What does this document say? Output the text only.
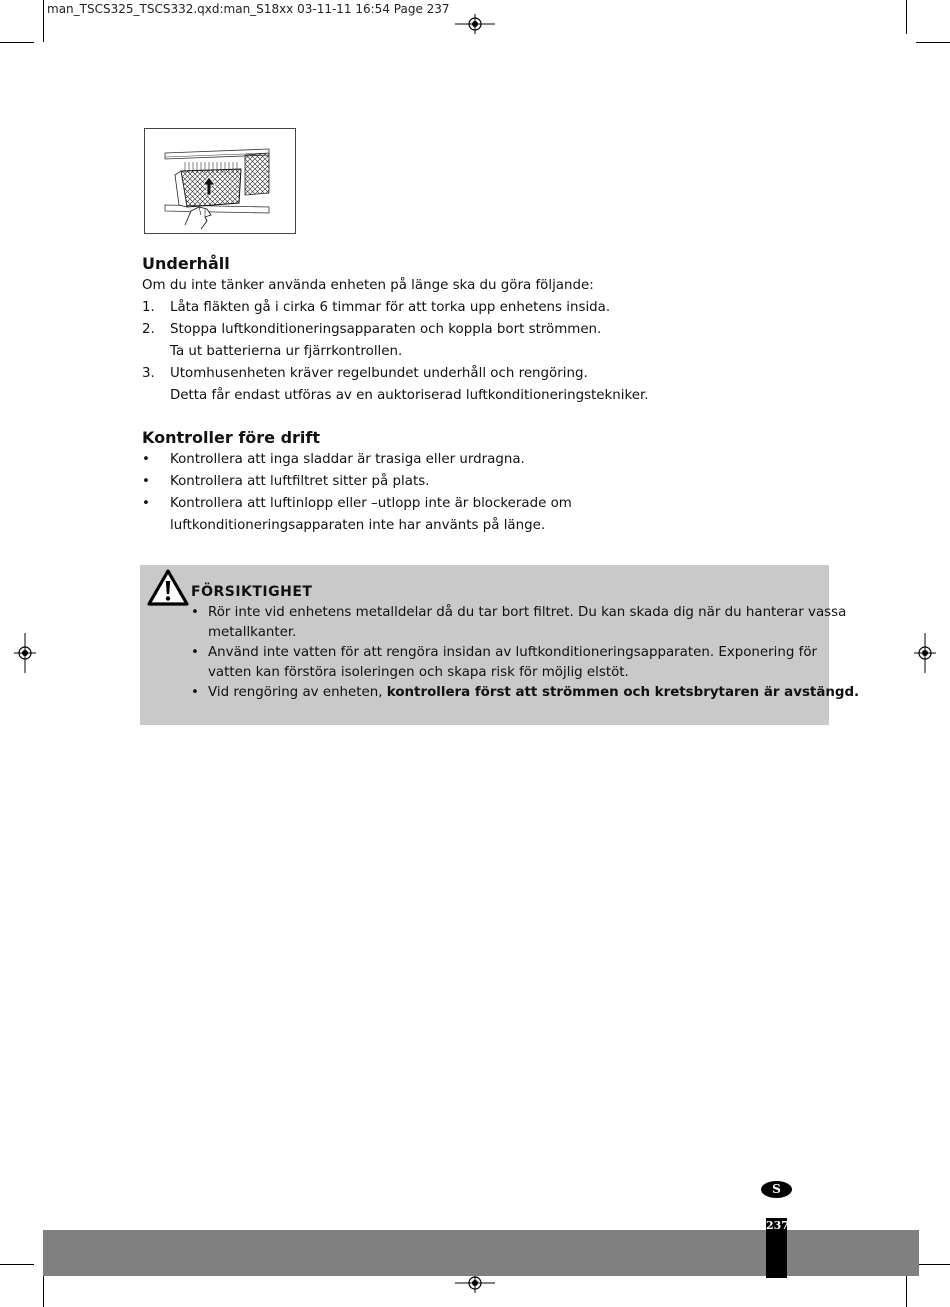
man_TSCS325_TSCS332.qxd:man_S18xx 03-11-11 16:54 Page 237
Underhåll
Om du inte tänker använda enheten på länge ska du göra följande:
1. Låta fläkten gå i cirka 6 timmar för att torka upp enhetens insida.
2. Stoppa luftkonditioneringsapparaten och koppla bort strömmen.
Ta ut batterierna ur fjärrkontrollen.
3. Utomhusenheten kräver regelbundet underhåll och rengöring.
Detta får endast utföras av en auktoriserad luftkonditioneringstekniker.
Kontroller före drift
• Kontrollera att inga sladdar är trasiga eller urdragna.
• Kontrollera att luftfiltret sitter på plats.
• Kontrollera att luftinlopp eller –utlopp inte är blockerade om
luftkonditioneringsapparaten inte har använts på länge.
FÖRSIKTIGHET
• Rör inte vid enhetens metalldelar då du tar bort filtret. Du kan skada dig när du hanterar vassa
metallkanter.
• Använd inte vatten för att rengöra insidan av luftkonditioneringsapparaten. Exponering för
vatten kan förstöra isoleringen och skapa risk för möjlig elstöt.
• Vid rengöring av enheten, kontrollera först att strömmen och kretsbrytaren är avstängd.
S
237
